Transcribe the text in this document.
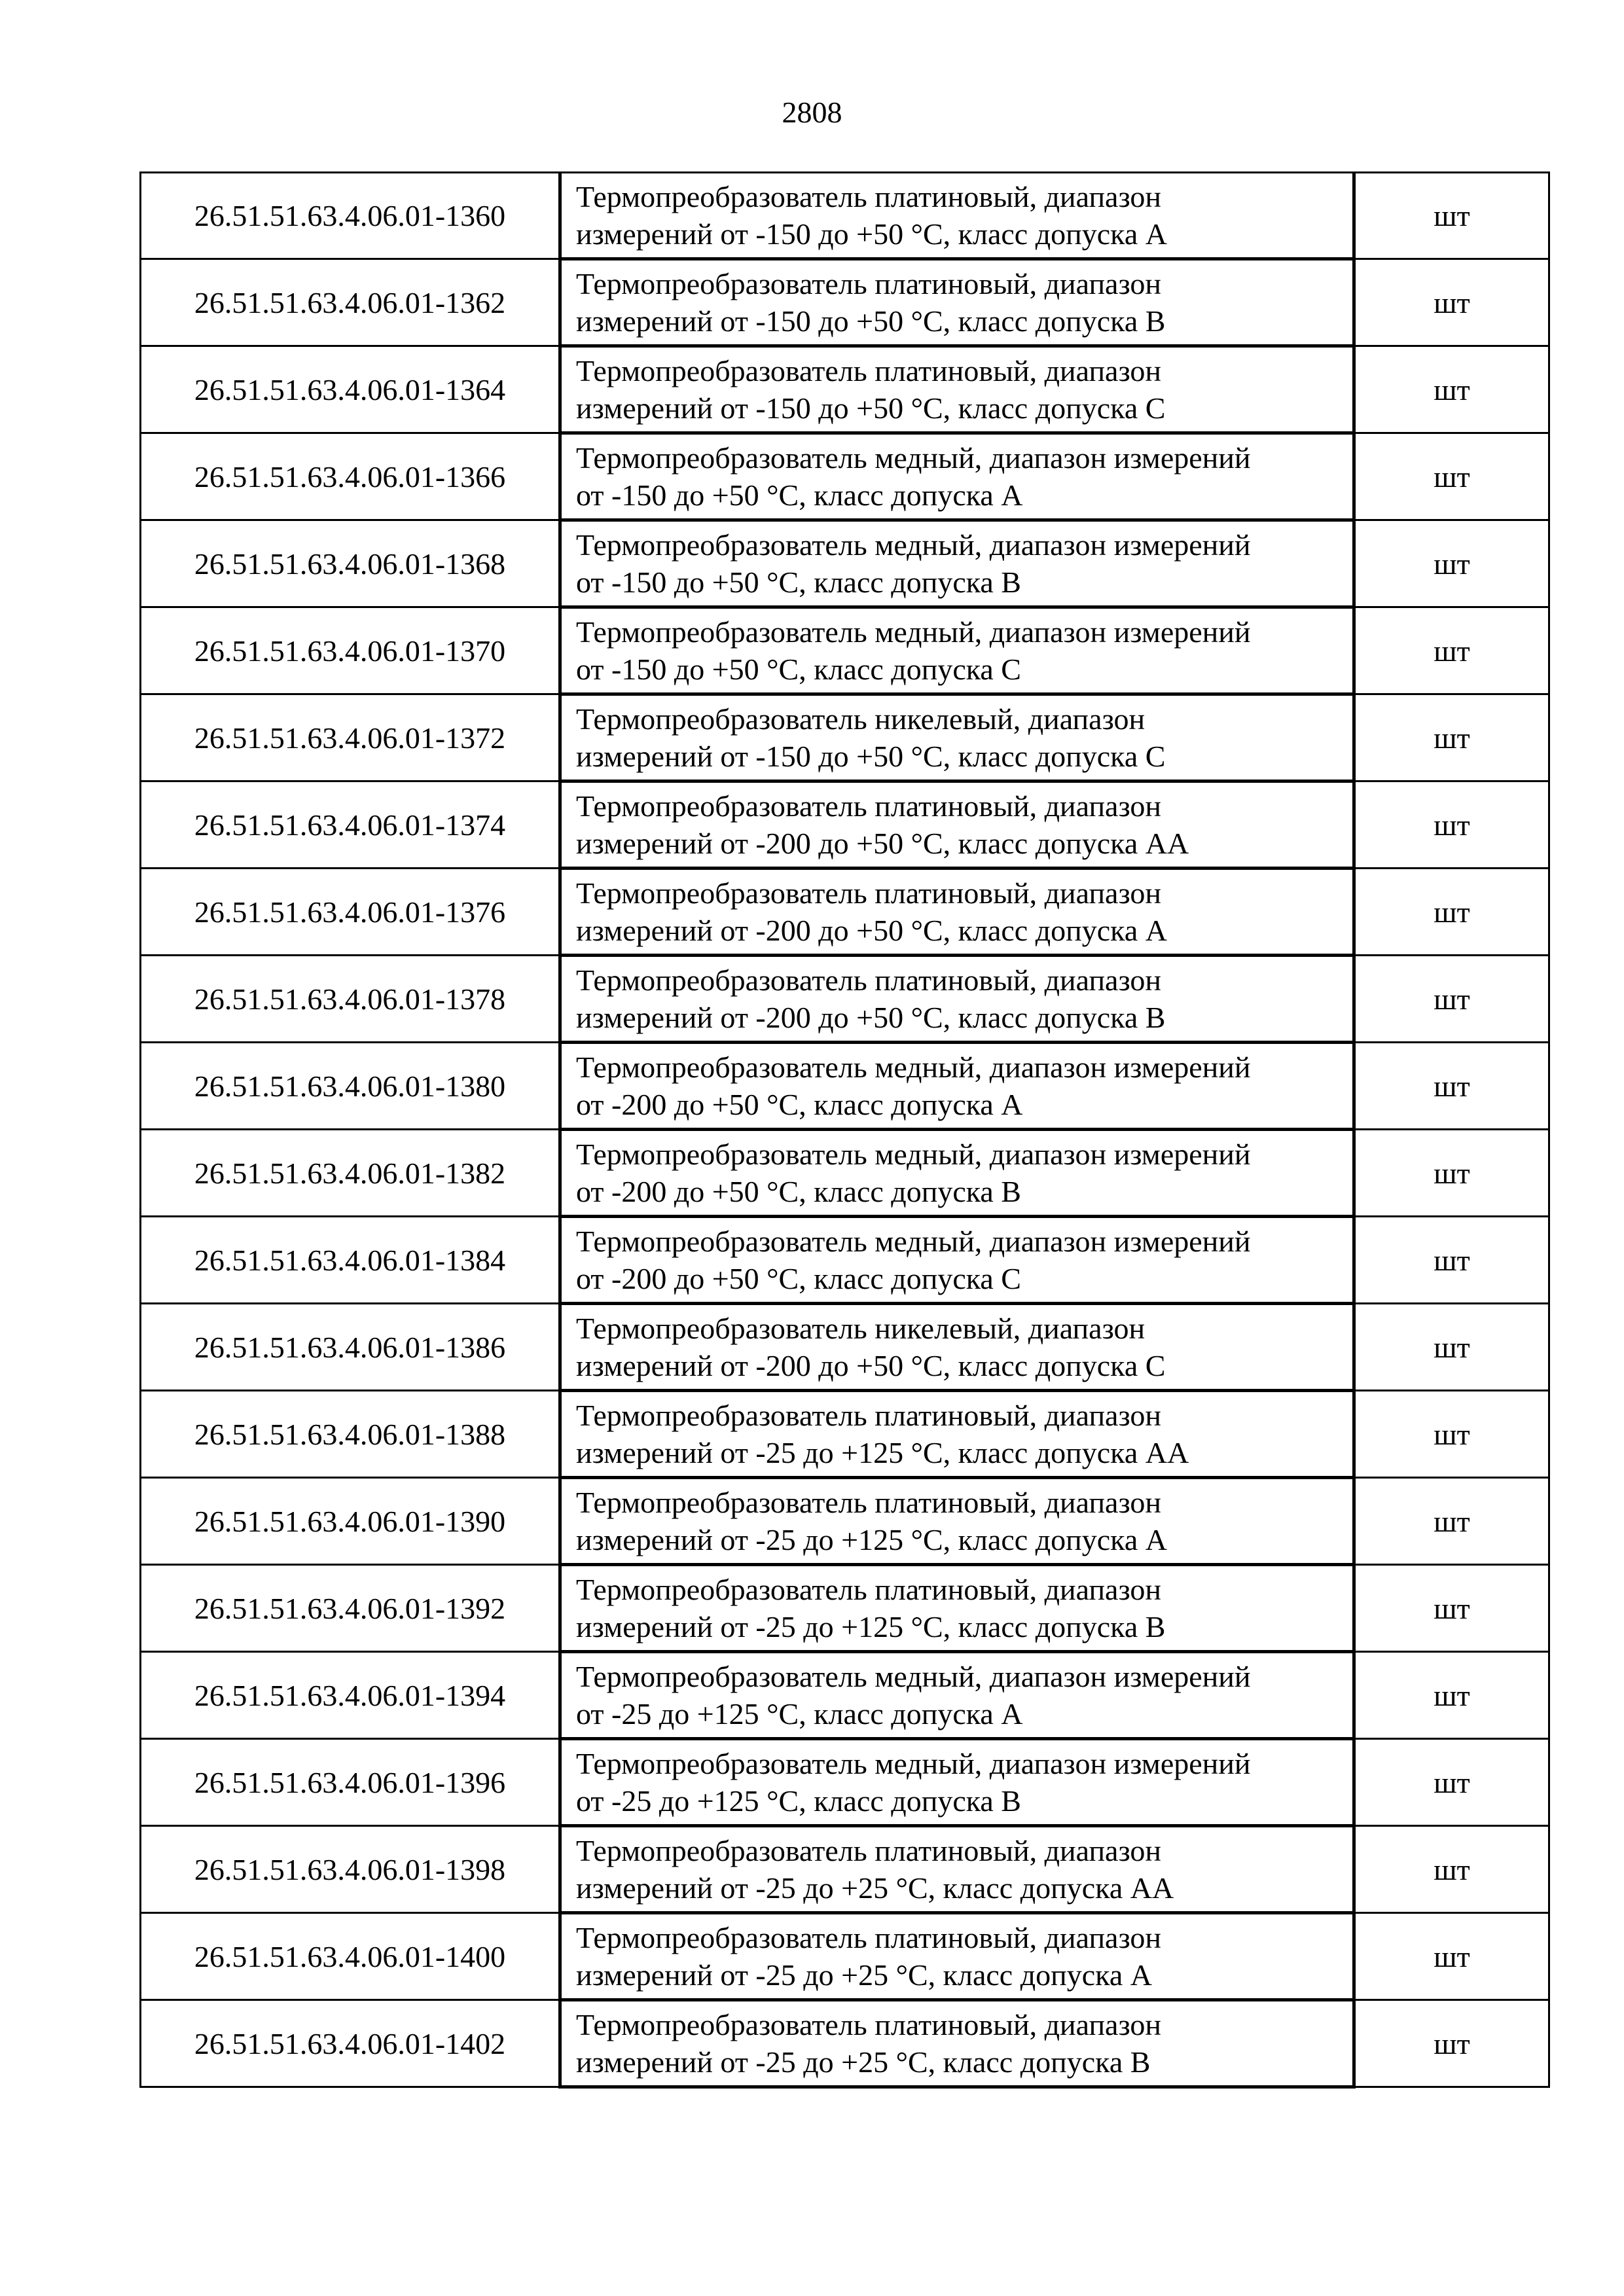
2808
26.51.51.63.4.06.01-1360	Термопреобразователь платиновый, диапазон
измерений от -150 до +50 °С, класс допуска А	шт
26.51.51.63.4.06.01-1362	Термопреобразователь платиновый, диапазон
измерений от -150 до +50 °С, класс допуска В	шт
26.51.51.63.4.06.01-1364	Термопреобразователь платиновый, диапазон
измерений от -150 до +50 °С, класс допуска С	шт
26.51.51.63.4.06.01-1366	Термопреобразователь медный, диапазон измерений
от -150 до +50 °С, класс допуска А	шт
26.51.51.63.4.06.01-1368	Термопреобразователь медный, диапазон измерений
от -150 до +50 °С, класс допуска В	шт
26.51.51.63.4.06.01-1370	Термопреобразователь медный, диапазон измерений
от -150 до +50 °С, класс допуска С	шт
26.51.51.63.4.06.01-1372	Термопреобразователь никелевый, диапазон
измерений от -150 до +50 °С, класс допуска С	шт
26.51.51.63.4.06.01-1374	Термопреобразователь платиновый, диапазон
измерений от -200 до +50 °С, класс допуска АА	шт
26.51.51.63.4.06.01-1376	Термопреобразователь платиновый, диапазон
измерений от -200 до +50 °С, класс допуска А	шт
26.51.51.63.4.06.01-1378	Термопреобразователь платиновый, диапазон
измерений от -200 до +50 °С, класс допуска В	шт
26.51.51.63.4.06.01-1380	Термопреобразователь медный, диапазон измерений
от -200 до +50 °С, класс допуска А	шт
26.51.51.63.4.06.01-1382	Термопреобразователь медный, диапазон измерений
от -200 до +50 °С, класс допуска В	шт
26.51.51.63.4.06.01-1384	Термопреобразователь медный, диапазон измерений
от -200 до +50 °С, класс допуска С	шт
26.51.51.63.4.06.01-1386	Термопреобразователь никелевый, диапазон
измерений от -200 до +50 °С, класс допуска С	шт
26.51.51.63.4.06.01-1388	Термопреобразователь платиновый, диапазон
измерений от -25 до +125 °С, класс допуска АА	шт
26.51.51.63.4.06.01-1390	Термопреобразователь платиновый, диапазон
измерений от -25 до +125 °С, класс допуска А	шт
26.51.51.63.4.06.01-1392	Термопреобразователь платиновый, диапазон
измерений от -25 до +125 °С, класс допуска В	шт
26.51.51.63.4.06.01-1394	Термопреобразователь медный, диапазон измерений
от -25 до +125 °С, класс допуска А	шт
26.51.51.63.4.06.01-1396	Термопреобразователь медный, диапазон измерений
от -25 до +125 °С, класс допуска В	шт
26.51.51.63.4.06.01-1398	Термопреобразователь платиновый, диапазон
измерений от -25 до +25 °С, класс допуска АА	шт
26.51.51.63.4.06.01-1400	Термопреобразователь платиновый, диапазон
измерений от -25 до +25 °С, класс допуска А	шт
26.51.51.63.4.06.01-1402	Термопреобразователь платиновый, диапазон
измерений от -25 до +25 °С, класс допуска В	шт
